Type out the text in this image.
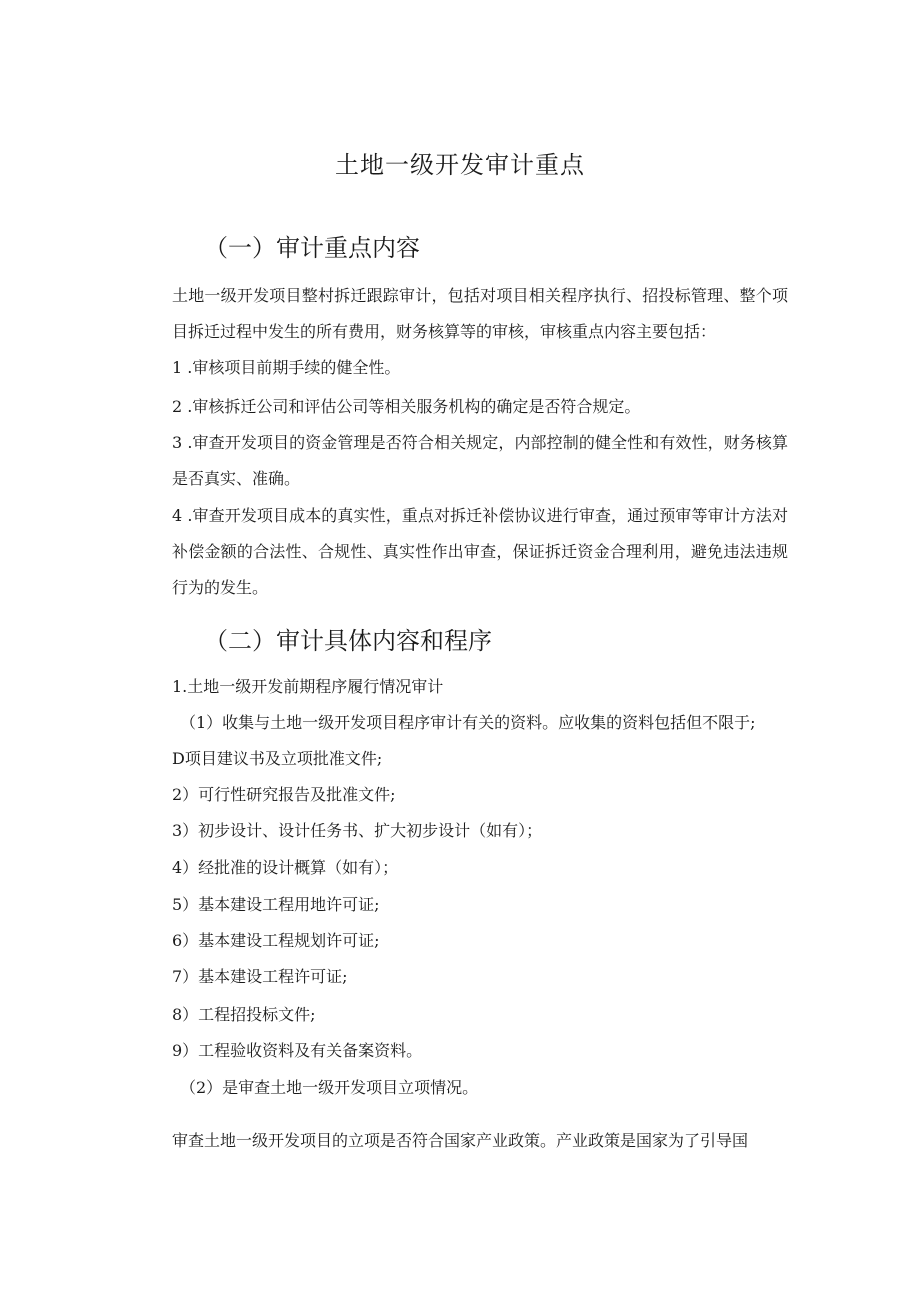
土地一级开发审计重点
（一）审计重点内容
土地一级开发项目整村拆迁跟踪审计，包括对项目相关程序执行、招投标管理、整个项目拆迁过程中发生的所有费用，财务核算等的审核，审核重点内容主要包括：
1 .审核项目前期手续的健全性。
2 .审核拆迁公司和评估公司等相关服务机构的确定是否符合规定。
3 .审查开发项目的资金管理是否符合相关规定，内部控制的健全性和有效性，财务核算是否真实、准确。
4 .审查开发项目成本的真实性，重点对拆迁补偿协议进行审查，通过预审等审计方法对补偿金额的合法性、合规性、真实性作出审查，保证拆迁资金合理利用，避免违法违规行为的发生。
（二）审计具体内容和程序
1.土地一级开发前期程序履行情况审计
（1）收集与土地一级开发项目程序审计有关的资料。应收集的资料包括但不限于;
D项目建议书及立项批准文件;
2）可行性研究报告及批准文件;
3）初步设计、设计任务书、扩大初步设计（如有）；
4）经批准的设计概算（如有）；
5）基本建设工程用地许可证;
6）基本建设工程规划许可证;
7）基本建设工程许可证;
8）工程招投标文件;
9）工程验收资料及有关备案资料。
（2）是审查土地一级开发项目立项情况。
审查土地一级开发项目的立项是否符合国家产业政策。产业政策是国家为了引导国
